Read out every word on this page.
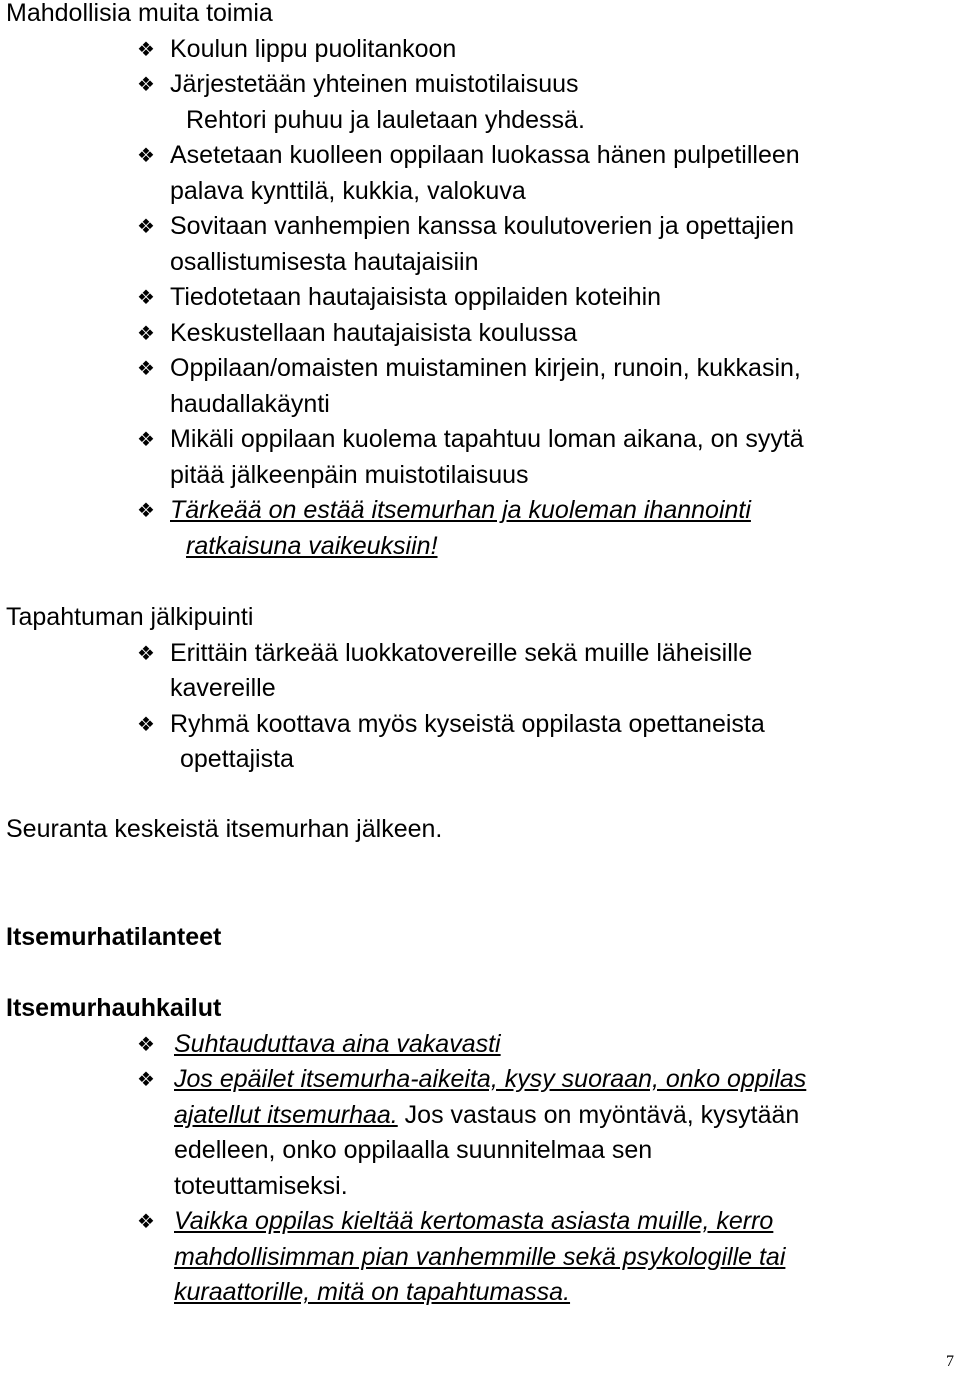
Mahdollisia muita toimia
❖ Koulun lippu puolitankoon
❖ Järjestetään yhteinen muistotilaisuus
Rehtori puhuu ja lauletaan yhdessä.
❖ Asetetaan kuolleen oppilaan luokassa hänen pulpetilleen
palava kynttilä, kukkia, valokuva
❖ Sovitaan vanhempien kanssa koulutoverien ja opettajien
osallistumisesta hautajaisiin
❖ Tiedotetaan hautajaisista oppilaiden koteihin
❖ Keskustellaan hautajaisista koulussa
❖ Oppilaan/omaisten muistaminen kirjein, runoin, kukkasin,
haudallakäynti
❖ Mikäli oppilaan kuolema tapahtuu loman aikana, on syytä
pitää jälkeenpäin muistotilaisuus
❖ Tärkeää on estää itsemurhan ja kuoleman ihannointi
ratkaisuna vaikeuksiin!
Tapahtuman jälkipuinti
❖ Erittäin tärkeää luokkatovereille sekä muille läheisille
kavereille
❖ Ryhmä koottava myös kyseistä oppilasta opettaneista
opettajista
Seuranta keskeistä itsemurhan jälkeen.
Itsemurhatilanteet
Itsemurhauhkailut
❖ Suhtauduttava aina vakavasti
❖ Jos epäilet itsemurha-aikeita, kysy suoraan, onko oppilas
ajatellut itsemurhaa. Jos vastaus on myöntävä, kysytään
edelleen, onko oppilaalla suunnitelmaa sen
toteuttamiseksi.
❖ Vaikka oppilas kieltää kertomasta asiasta muille, kerro
mahdollisimman pian vanhemmille sekä psykologille tai
kuraattorille, mitä on tapahtumassa.
7
